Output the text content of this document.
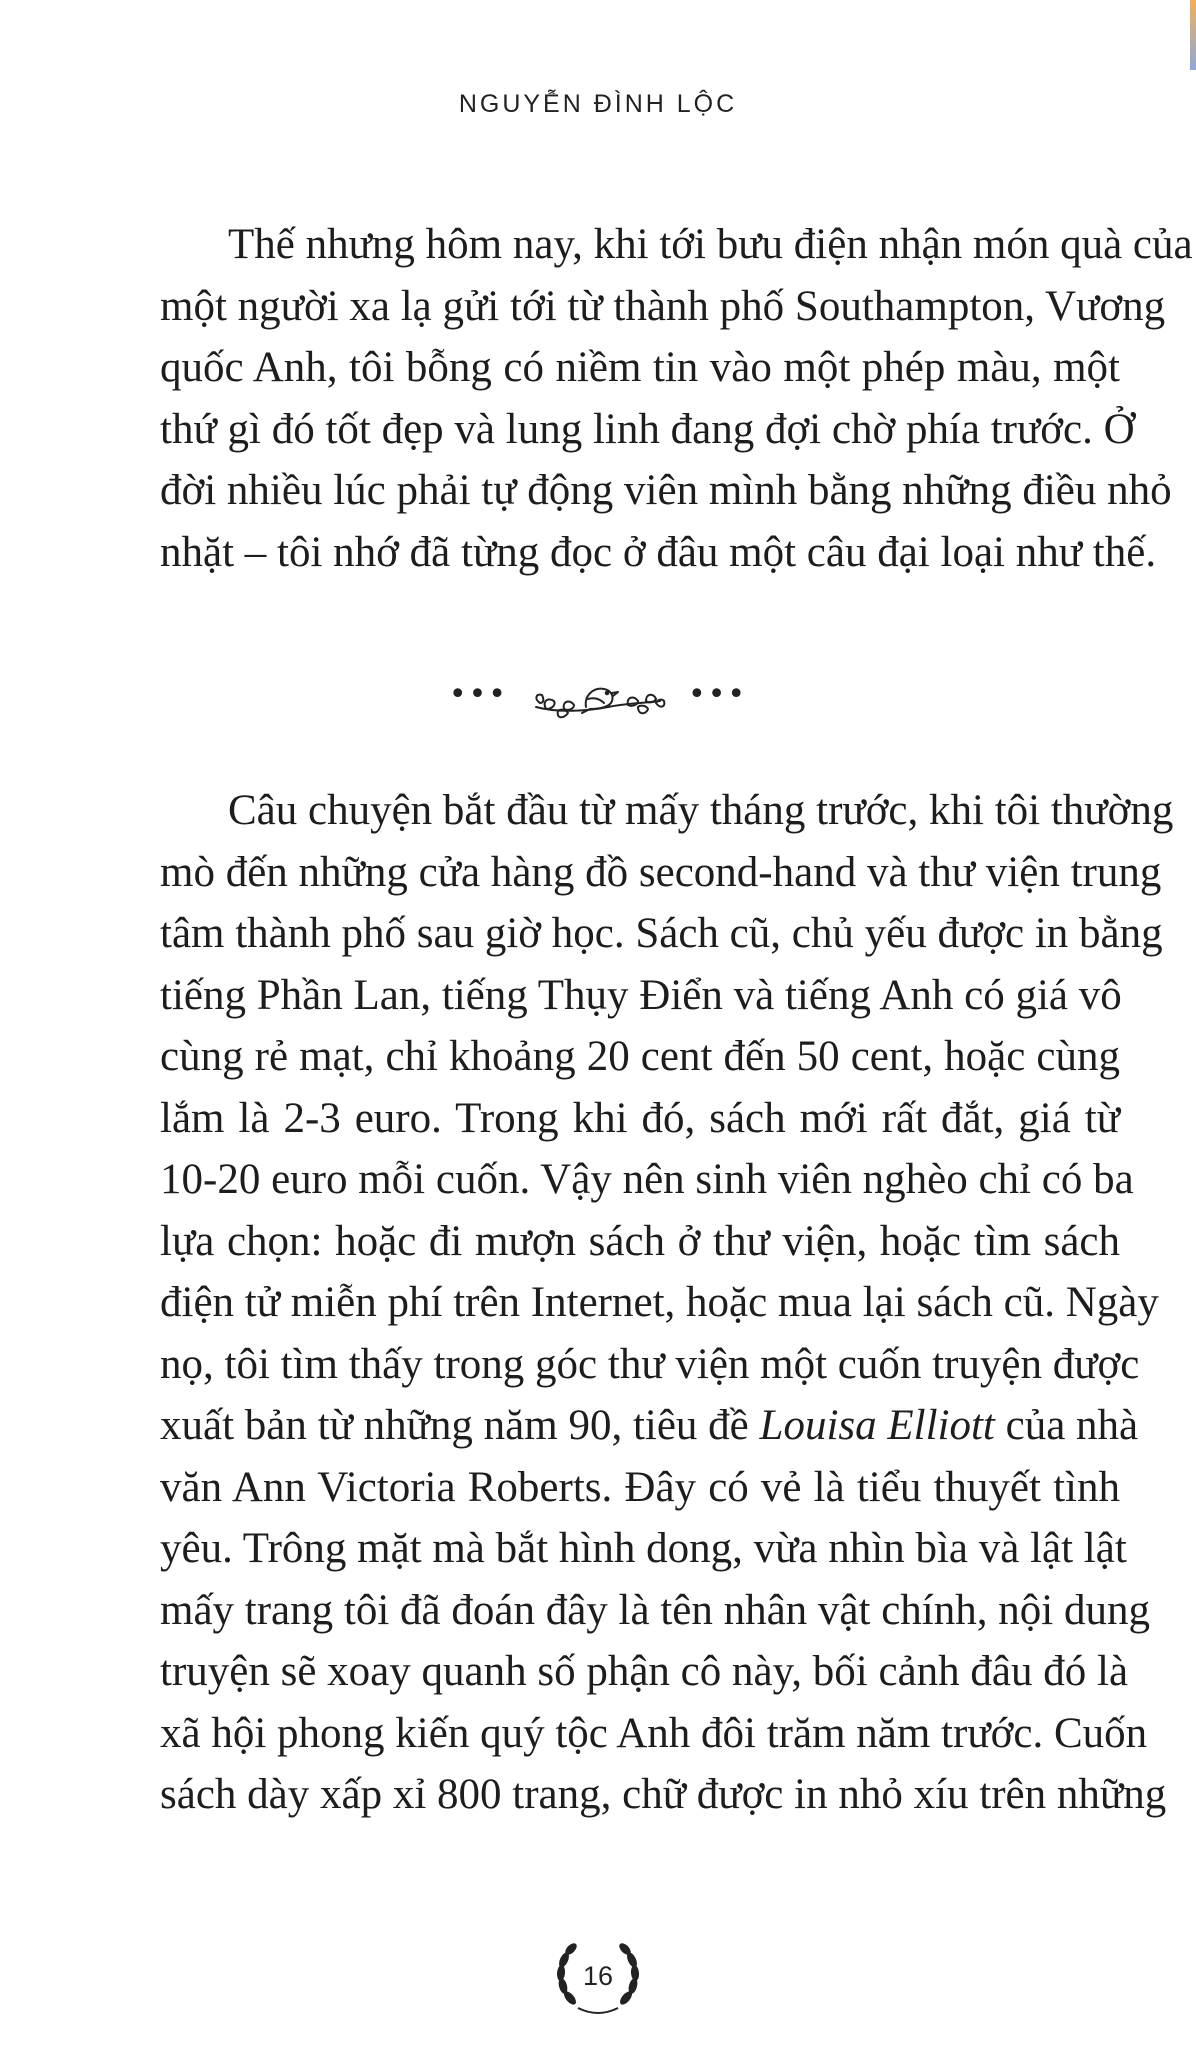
NGUYỄN ĐÌNH LỘC
Thế nhưng hôm nay, khi tới bưu điện nhận món quà của
một người xa lạ gửi tới từ thành phố Southampton, Vương
quốc Anh, tôi bỗng có niềm tin vào một phép màu, một
thứ gì đó tốt đẹp và lung linh đang đợi chờ phía trước. Ở
đời nhiều lúc phải tự động viên mình bằng những điều nhỏ
nhặt – tôi nhớ đã từng đọc ở đâu một câu đại loại như thế.
•••	•••
Câu chuyện bắt đầu từ mấy tháng trước, khi tôi thường
mò đến những cửa hàng đồ second-hand và thư viện trung
tâm thành phố sau giờ học. Sách cũ, chủ yếu được in bằng
tiếng Phần Lan, tiếng Thụy Điển và tiếng Anh có giá vô
cùng rẻ mạt, chỉ khoảng 20 cent đến 50 cent, hoặc cùng
lắm là 2-3 euro. Trong khi đó, sách mới rất đắt, giá từ
10-20 euro mỗi cuốn. Vậy nên sinh viên nghèo chỉ có ba
lựa chọn: hoặc đi mượn sách ở thư viện, hoặc tìm sách
điện tử miễn phí trên Internet, hoặc mua lại sách cũ. Ngày
nọ, tôi tìm thấy trong góc thư viện một cuốn truyện được
xuất bản từ những năm 90, tiêu đề Louisa Elliott của nhà
văn Ann Victoria Roberts. Đây có vẻ là tiểu thuyết tình
yêu. Trông mặt mà bắt hình dong, vừa nhìn bìa và lật lật
mấy trang tôi đã đoán đây là tên nhân vật chính, nội dung
truyện sẽ xoay quanh số phận cô này, bối cảnh đâu đó là
xã hội phong kiến quý tộc Anh đôi trăm năm trước. Cuốn
sách dày xấp xỉ 800 trang, chữ được in nhỏ xíu trên những
16
